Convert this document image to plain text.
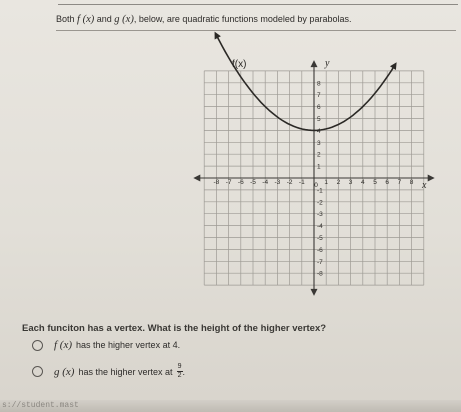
Both f (x) and g (x), below, are quadratic functions modeled by parabolas.
-8 -7 -6 -5 -4 -3 -2 -1 0 1 2 3 4 5 6 7 8
8
7
6
5
4
3
2
1
-1
-2
-3
-4
-5
-6
-7
-8
f(x)	y
x
Each funciton has a vertex. What is the height of the higher vertex?
f (x) has the higher vertex at 4.
g (x) has the higher vertex at $\frac{9}{2}$ .
s://student.mast
